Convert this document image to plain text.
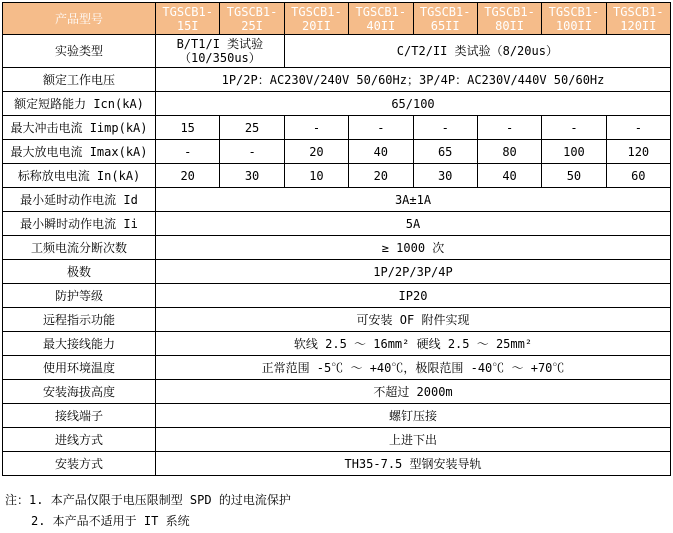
产品型号	TGSCB1-15I	TGSCB1-25I	TGSCB1-20II	TGSCB1-40II	TGSCB1-65II	TGSCB1-80II	TGSCB1-100II	TGSCB1-120II
实验类型	B/T1/I 类试验（10/350us）		C/T2/II 类试验（8/20us）					
额定工作电压	1P/2P：AC230V/240V 50/60Hz；3P/4P：AC230V/440V 50/60Hz							
额定短路能力 Icn(kA)	65/100							
最大冲击电流 Iimp(kA)	15	25	-	-	-	-	-	-
最大放电电流 Imax(kA)	-	-	20	40	65	80	100	120
标称放电电流 In(kA)	20	30	10	20	30	40	50	60
最小延时动作电流 Id	3A±1A							
最小瞬时动作电流 Ii	5A							
工频电流分断次数	≥ 1000 次							
极数	1P/2P/3P/4P							
防护等级	IP20							
远程指示功能	可安装 OF 附件实现							
最大接线能力	软线 2.5 ～ 16mm² 硬线 2.5 ～ 25mm²							
使用环境温度	正常范围 -5℃ ～ +40℃，极限范围 -40℃ ～ +70℃							
安装海拔高度	不超过 2000m							
接线端子	螺钉压接							
进线方式	上进下出							
安装方式	TH35-7.5 型钢安装导轨							
注：1. 本产品仅限于电压限制型 SPD 的过电流保护
2. 本产品不适用于 IT 系统
